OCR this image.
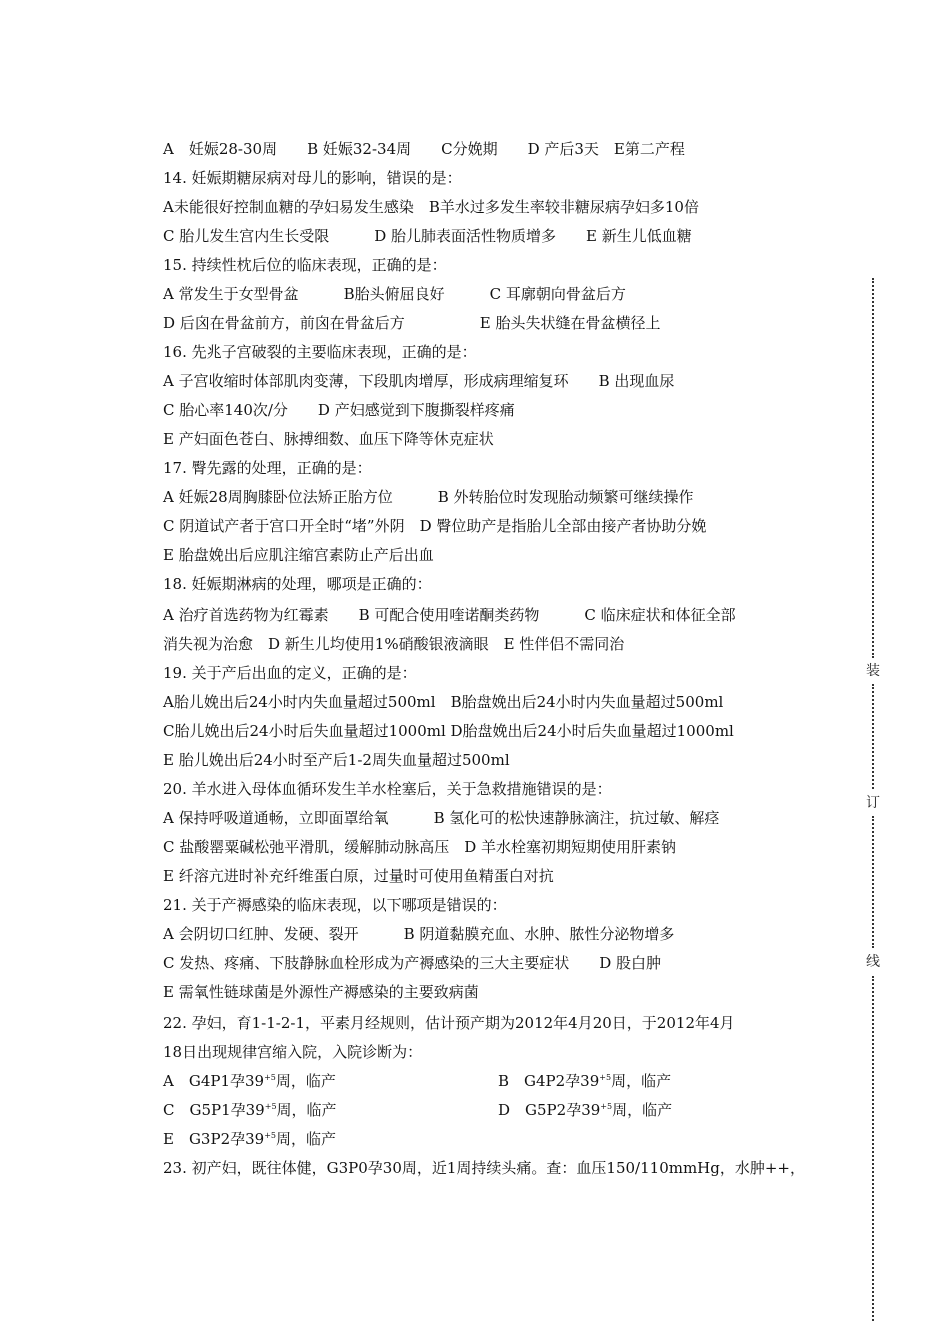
A　妊娠28-30周　　B 妊娠32-34周　　C分娩期　　D 产后3天　E第二产程
14. 妊娠期糖尿病对母儿的影响，错误的是：
A未能很好控制血糖的孕妇易发生感染　B羊水过多发生率较非糖尿病孕妇多10倍
C 胎儿发生宫内生长受限　　　D 胎儿肺表面活性物质增多　　E 新生儿低血糖
15. 持续性枕后位的临床表现，正确的是：
A 常发生于女型骨盆　　　B胎头俯屈良好　　　C 耳廓朝向骨盆后方
D 后囟在骨盆前方，前囟在骨盆后方　　　　　E 胎头失状缝在骨盆横径上
16. 先兆子宫破裂的主要临床表现，正确的是：
A 子宫收缩时体部肌肉变薄，下段肌肉增厚，形成病理缩复环　　B 出现血尿
C 胎心率140次/分　　D 产妇感觉到下腹撕裂样疼痛
E 产妇面色苍白、脉搏细数、血压下降等休克症状
17. 臀先露的处理，正确的是：
A 妊娠28周胸膝卧位法矫正胎方位　　　B 外转胎位时发现胎动频繁可继续操作
C 阴道试产者于宫口开全时“堵”外阴　D 臀位助产是指胎儿全部由接产者协助分娩
E 胎盘娩出后应肌注缩宫素防止产后出血
18. 妊娠期淋病的处理，哪项是正确的：
A 治疗首选药物为红霉素　　B 可配合使用喹诺酮类药物　　　C 临床症状和体征全部
消失视为治愈　D 新生儿均使用1%硝酸银液滴眼　E 性伴侣不需同治
19. 关于产后出血的定义，正确的是：
A胎儿娩出后24小时内失血量超过500ml　B胎盘娩出后24小时内失血量超过500ml
C胎儿娩出后24小时后失血量超过1000ml D胎盘娩出后24小时后失血量超过1000ml
E 胎儿娩出后24小时至产后1-2周失血量超过500ml
20. 羊水进入母体血循环发生羊水栓塞后，关于急救措施错误的是：
A 保持呼吸道通畅，立即面罩给氧　　　B 氢化可的松快速静脉滴注，抗过敏、解痉
C 盐酸罂粟碱松弛平滑肌，缓解肺动脉高压　D 羊水栓塞初期短期使用肝素钠
E 纤溶亢进时补充纤维蛋白原，过量时可使用鱼精蛋白对抗
21. 关于产褥感染的临床表现，以下哪项是错误的：
A 会阴切口红肿、发硬、裂开　　　B 阴道黏膜充血、水肿、脓性分泌物增多
C 发热、疼痛、下肢静脉血栓形成为产褥感染的三大主要症状　　D 股白肿
E 需氧性链球菌是外源性产褥感染的主要致病菌
22. 孕妇，育1-1-2-1，平素月经规则，估计预产期为2012年4月20日，于2012年4月
18日出现规律宫缩入院，入院诊断为：
A　G4P1孕$39^{+5}$周，临产	B　G4P2孕$39^{+5}$周，临产
C　G5P1孕$39^{+5}$周，临产	D　G5P2孕$39^{+5}$周，临产
E　G3P2孕$39^{+5}$周，临产
23. 初产妇，既往体健，G3P0孕30周，近1周持续头痛。查：血压150/110mmHg，水肿++，
装
订
线
